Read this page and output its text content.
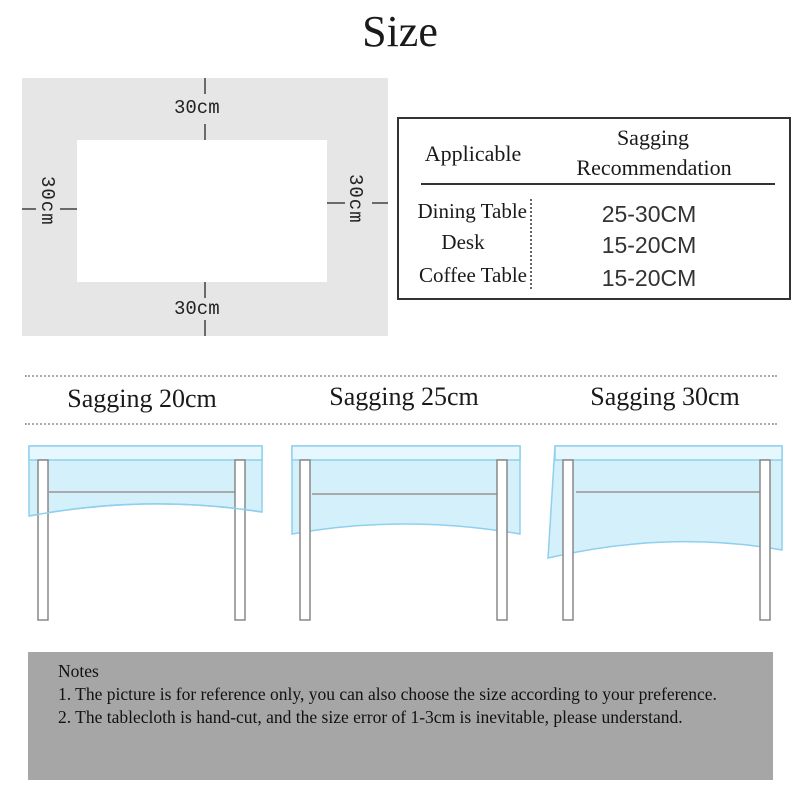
Size
30cm
30cm
30cm	30cm
Applicable
Sagging
Recommendation
Dining Table	25-30CM
Desk	15-20CM
Coffee Table	15-20CM
Sagging 20cm	Sagging 25cm	Sagging 30cm
Notes
1. The picture is for reference only, you can also choose the size according to your preference.
2. The tablecloth is hand-cut, and the size error of 1-3cm is inevitable, please understand.
